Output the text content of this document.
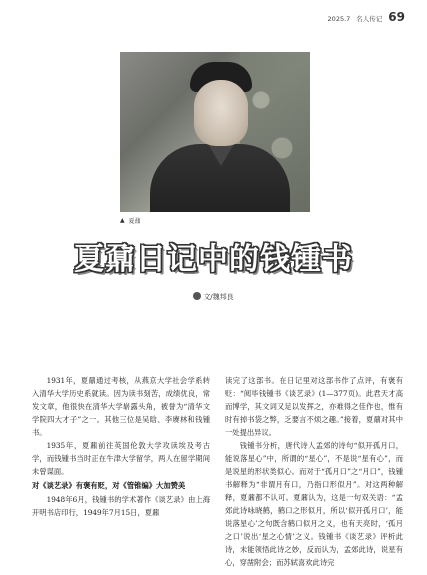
2025.7 名人传记 69
▲ 夏鼐
夏鼐日记中的钱锺书
文/魏邦良

1931年，夏鼐通过考核，从燕京大学社会学系转入清华大学历史系就读。因为读书刻苦，成绩优良，常发文章，他很快在清华大学崭露头角，被誉为“清华文学院四大才子”之一。其他三位是吴晗、李赓林和钱锺书。

1935年，夏鼐前往英国伦敦大学攻读埃及考古学，而钱锺书当时正在牛津大学留学，两人在留学期间未曾谋面。

对《谈艺录》有褒有贬，对《管锥编》大加赞美

1948年6月，钱锺书的学术著作《谈艺录》由上海开明书店印行，1949年7月15日，夏鼐

读完了这部书。在日记里对这部书作了点评，有褒有贬：“阅毕钱锺书《谈艺录》(1—377页)。此君天才高而博学，其文词又足以发挥之，亦难得之佳作也，惟有时有掉书袋之弊，乏要言不烦之趣。”接着，夏鼐对其中一处提出异议。

钱锺书分析，唐代诗人孟郊的诗句“似开孤月口，能说落星心”中，所谓的“星心”，不是说“星有心”，而是说星的形状类似心。而对于“孤月口”之“月口”，钱锺书解释为“非谓月有口，乃指口形似月”。对这两种解释，夏鼐都不认可。夏鼐认为，这是一句双关语：“孟郊此诗咏晓鹤，鹤口之形似月，所以‘似开孤月口’，能说落星心’之句既含鹤口似月之义，也有天亮时，‘孤月之口’说出‘星之心情’之义。钱锺书《谈艺录》评析此诗，未能领悟此诗之妙，反而认为，孟郊此诗，说星有心，穿凿附会；而苏轼喜欢此诗完
